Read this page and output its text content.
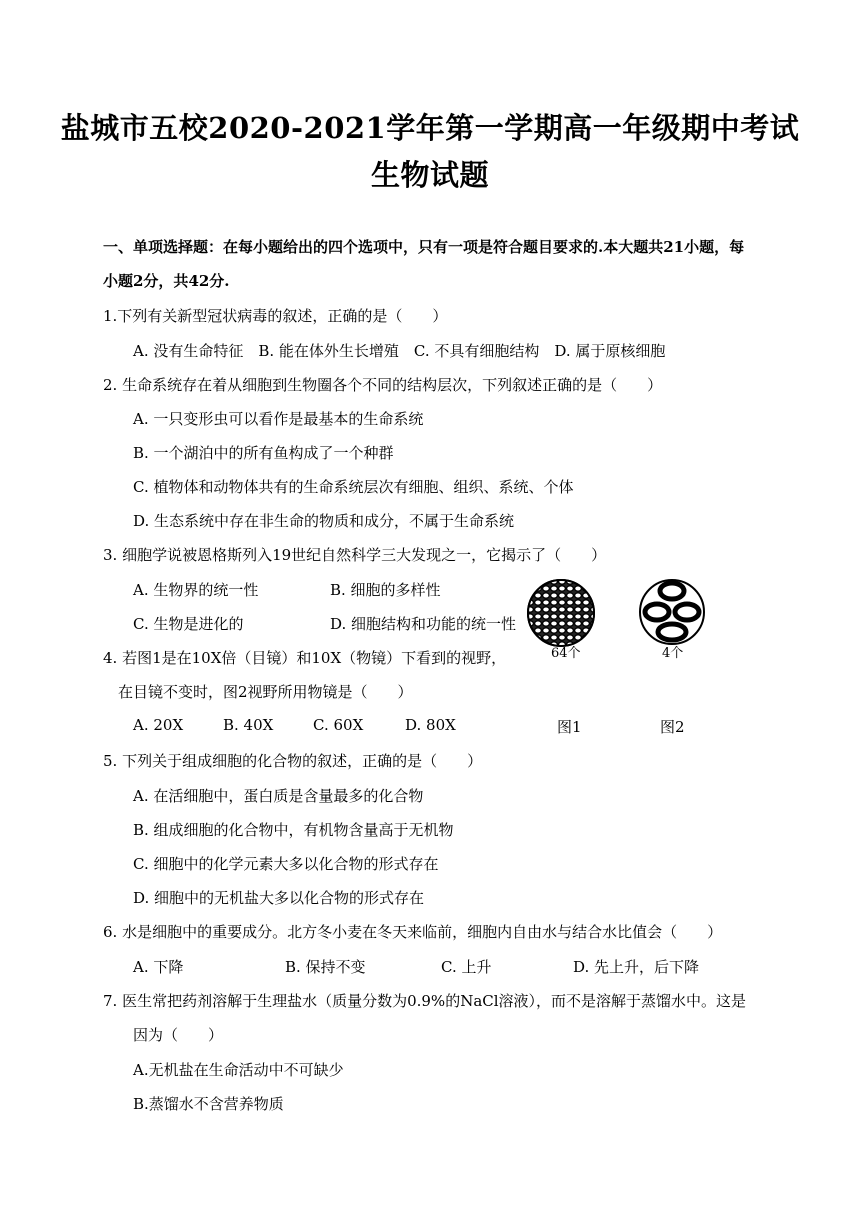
盐城市五校2020-2021学年第一学期高一年级期中考试
生物试题
一、单项选择题：在每小题给出的四个选项中，只有一项是符合题目要求的.本大题共21小题，每
小题2分，共42分.
1.下列有关新型冠状病毒的叙述，正确的是（　　）
A. 没有生命特征　B. 能在体外生长增殖　C. 不具有细胞结构　D. 属于原核细胞
2. 生命系统存在着从细胞到生物圈各个不同的结构层次，下列叙述正确的是（　　）
A. 一只变形虫可以看作是最基本的生命系统
B. 一个湖泊中的所有鱼构成了一个种群
C. 植物体和动物体共有的生命系统层次有细胞、组织、系统、个体
D. 生态系统中存在非生命的物质和成分，不属于生命系统
3. 细胞学说被恩格斯列入19世纪自然科学三大发现之一，它揭示了（　　）
A. 生物界的统一性	B. 细胞的多样性
C. 生物是进化的	D. 细胞结构和功能的统一性
64个	4个
4. 若图1是在10X倍（目镜）和10X（物镜）下看到的视野，
在目镜不变时，图2视野所用物镜是（　　）
A. 20X	B. 40X	C. 60X	D. 80X	图1	图2
5. 下列关于组成细胞的化合物的叙述，正确的是（　　）
A. 在活细胞中，蛋白质是含量最多的化合物
B. 组成细胞的化合物中，有机物含量高于无机物
C. 细胞中的化学元素大多以化合物的形式存在
D. 细胞中的无机盐大多以化合物的形式存在
6. 水是细胞中的重要成分。北方冬小麦在冬天来临前，细胞内自由水与结合水比值会（　　）
A. 下降	B. 保持不变	C. 上升	D. 先上升，后下降
7. 医生常把药剂溶解于生理盐水（质量分数为0.9%的NaCl溶液），而不是溶解于蒸馏水中。这是
因为（　　）
A.无机盐在生命活动中不可缺少
B.蒸馏水不含营养物质
